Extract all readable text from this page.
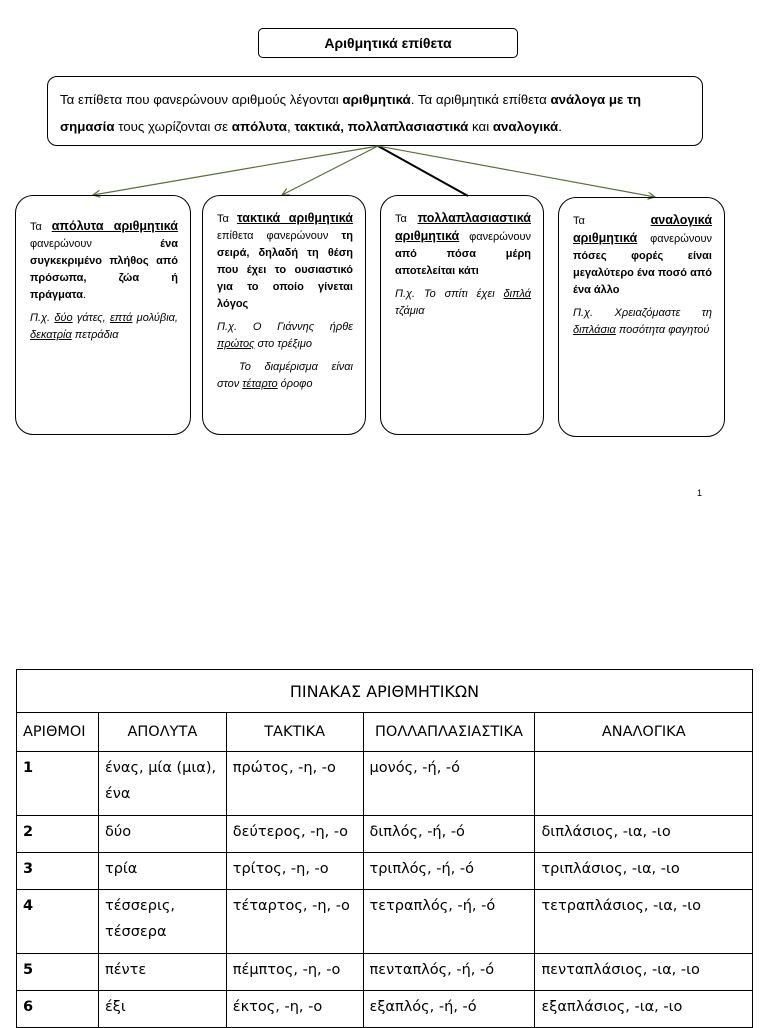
Αριθμητικά επίθετα
Τα επίθετα που φανερώνουν αριθμούς λέγονται αριθμητικά. Τα αριθμητικά επίθετα ανάλογα με τη σημασία τους χωρίζονται σε απόλυτα, τακτικά, πολλαπλασιαστικά και αναλογικά.

Τα απόλυτα αριθμητικά φανερώνουν ένα συγκεκριμένο πλήθος από πρόσωπα, ζώα ή πράγματα.

Π.χ. δύο γάτες, επτά μολύβια, δεκατρία πετράδια

Τα τακτικά αριθμητικά επίθετα φανερώνουν τη σειρά, δηλαδή τη θέση που έχει το ουσιαστικό για το οποίο γίνεται λόγος

Π.χ. Ο Γιάννης ήρθε πρώτος στο τρέξιμο

Το διαμέρισμα είναι στον τέταρτο όροφο

Τα πολλαπλασιαστικά αριθμητικά φανερώνουν από πόσα μέρη αποτελείται κάτι

Π.χ. Το σπίτι έχει διπλά τζάμια

Τα αναλογικά αριθμητικά φανερώνουν πόσες φορές είναι μεγαλύτερο ένα ποσό από ένα άλλο

Π.χ. Χρειαζόμαστε τη διπλάσια ποσότητα φαγητού

1
ΠΙΝΑΚΑΣ ΑΡΙΘΜΗΤΙΚΩΝ				
ΑΡΙΘΜΟΙ	ΑΠΟΛΥΤΑ	ΤΑΚΤΙΚΑ	ΠΟΛΛΑΠΛΑΣΙΑΣΤΙΚΑ	ΑΝΑΛΟΓΙΚΑ
1	ένας, μία (μια), ένα	πρώτος, -η, -ο	μονός, -ή, -ό	
2	δύο	δεύτερος, -η, -ο	διπλός, -ή, -ό	διπλάσιος, -ια, -ιο
3	τρία	τρίτος, -η, -ο	τριπλός, -ή, -ό	τριπλάσιος, -ια, -ιο
4	τέσσερις, τέσσερα	τέταρτος, -η, -ο	τετραπλός, -ή, -ό	τετραπλάσιος, -ια, -ιο
5	πέντε	πέμπτος, -η, -ο	πενταπλός, -ή, -ό	πενταπλάσιος, -ια, -ιο
6	έξι	έκτος, -η, -ο	εξαπλός, -ή, -ό	εξαπλάσιος, -ια, -ιο
